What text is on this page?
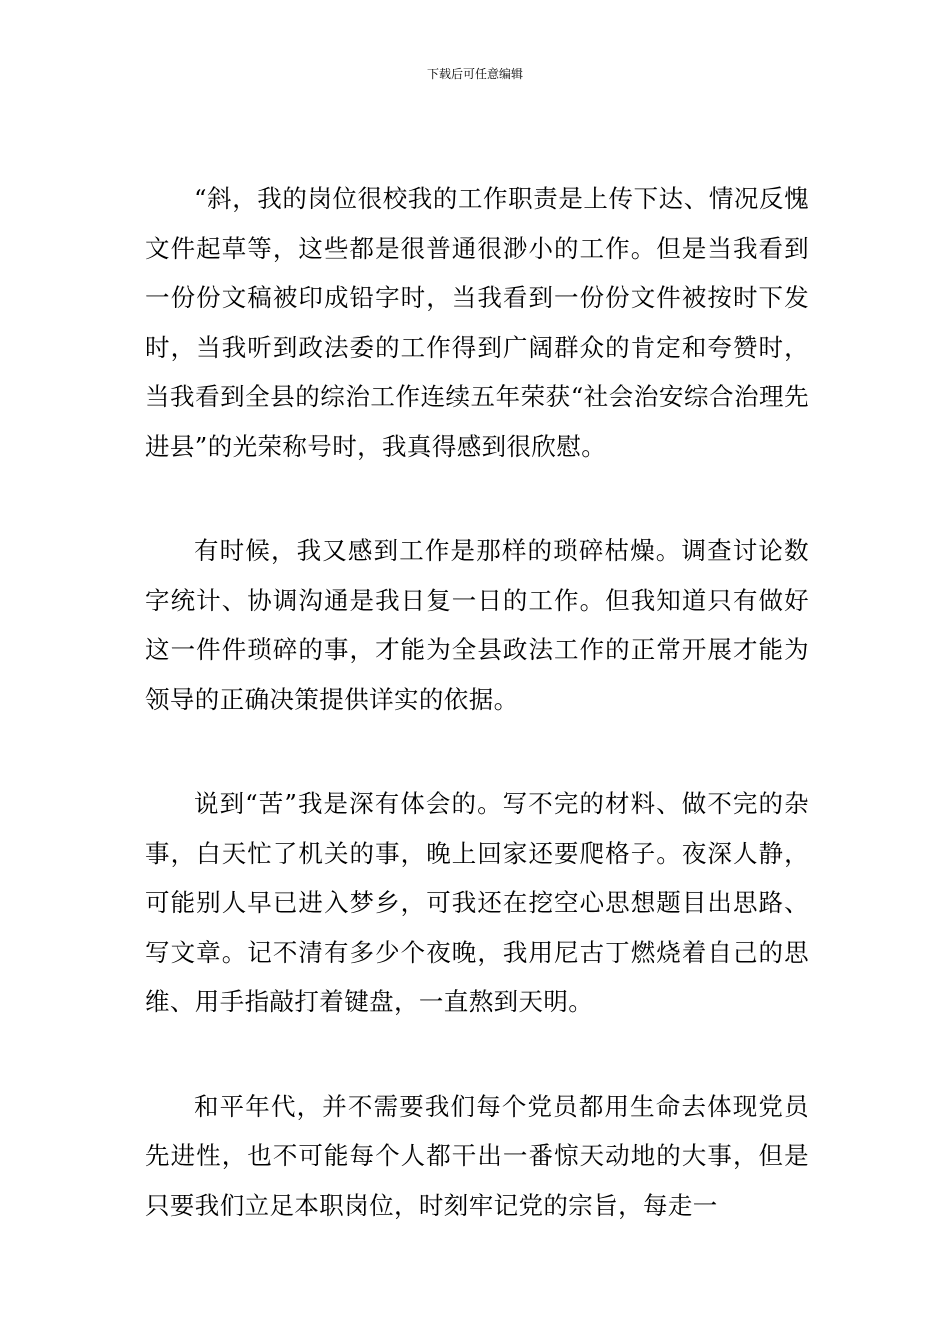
下载后可任意编辑

“斜，我的岗位很校我的工作职责是上传下达、情况反愧文件起草等，这些都是很普通很渺小的工作。但是当我看到一份份文稿被印成铅字时，当我看到一份份文件被按时下发时，当我听到政法委的工作得到广阔群众的肯定和夸赞时，当我看到全县的综治工作连续五年荣获“社会治安综合治理先进县”的光荣称号时，我真得感到很欣慰。

有时候，我又感到工作是那样的琐碎枯燥。调查讨论数字统计、协调沟通是我日复一日的工作。但我知道只有做好这一件件琐碎的事，才能为全县政法工作的正常开展才能为领导的正确决策提供详实的依据。

说到“苦”我是深有体会的。写不完的材料、做不完的杂事，白天忙了机关的事，晚上回家还要爬格子。夜深人静，可能别人早已进入梦乡，可我还在挖空心思想题目出思路、写文章。记不清有多少个夜晚，我用尼古丁燃烧着自己的思维、用手指敲打着键盘，一直熬到天明。

和平年代，并不需要我们每个党员都用生命去体现党员先进性，也不可能每个人都干出一番惊天动地的大事，但是只要我们立足本职岗位，时刻牢记党的宗旨，每走一
